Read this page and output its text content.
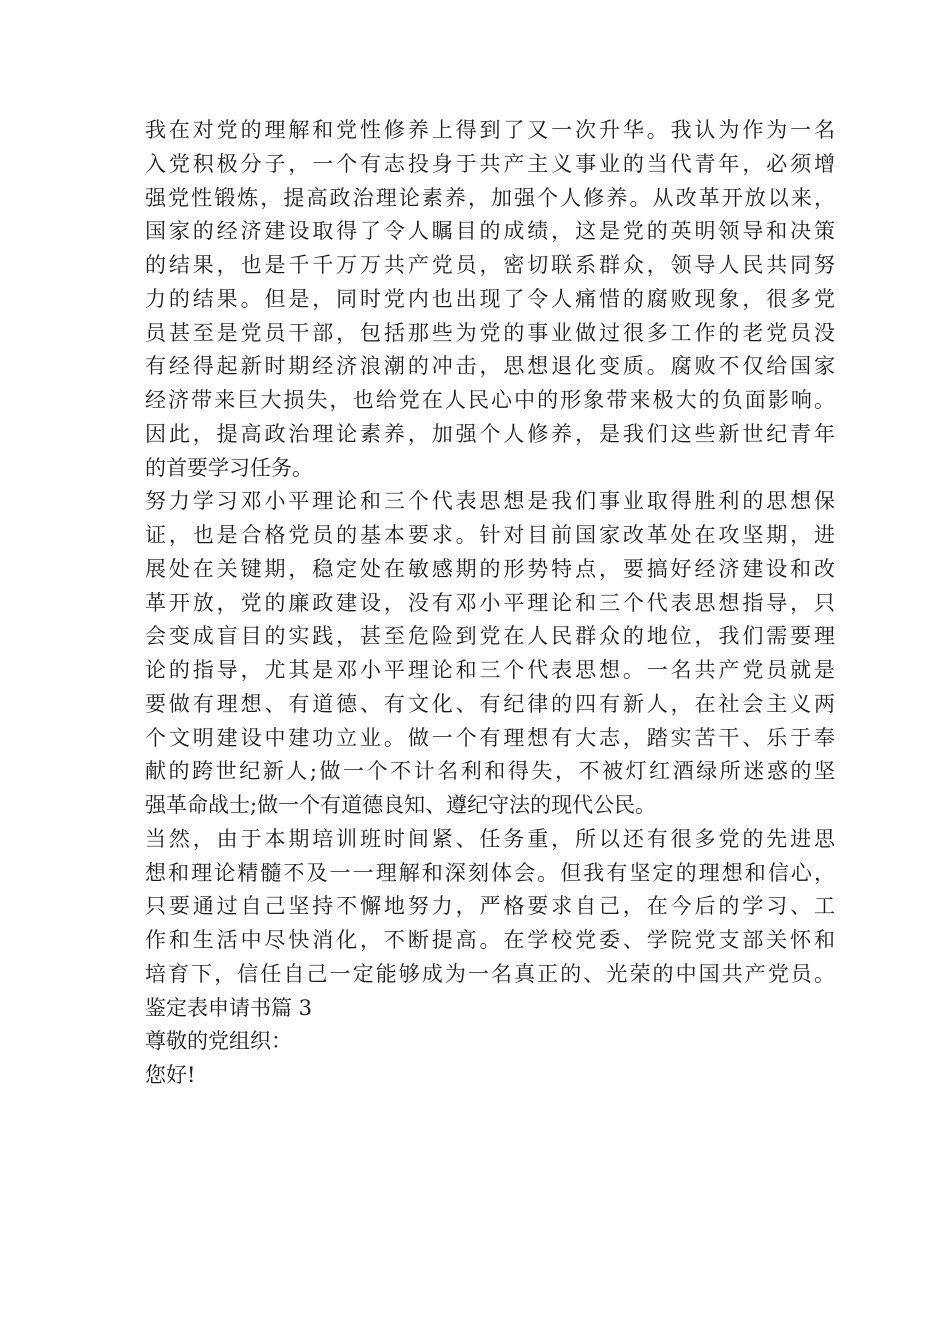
我在对党的理解和党性修养上得到了又一次升华。我认为作为一名
入党积极分子，一个有志投身于共产主义事业的当代青年，必须增
强党性锻炼，提高政治理论素养，加强个人修养。从改革开放以来，
国家的经济建设取得了令人瞩目的成绩，这是党的英明领导和决策
的结果，也是千千万万共产党员，密切联系群众，领导人民共同努
力的结果。但是，同时党内也出现了令人痛惜的腐败现象，很多党
员甚至是党员干部，包括那些为党的事业做过很多工作的老党员没
有经得起新时期经济浪潮的冲击，思想退化变质。腐败不仅给国家
经济带来巨大损失，也给党在人民心中的形象带来极大的负面影响。
因此，提高政治理论素养，加强个人修养，是我们这些新世纪青年
的首要学习任务。
努力学习邓小平理论和三个代表思想是我们事业取得胜利的思想保
证，也是合格党员的基本要求。针对目前国家改革处在攻坚期，进
展处在关键期，稳定处在敏感期的形势特点，要搞好经济建设和改
革开放，党的廉政建设，没有邓小平理论和三个代表思想指导，只
会变成盲目的实践，甚至危险到党在人民群众的地位，我们需要理
论的指导，尤其是邓小平理论和三个代表思想。一名共产党员就是
要做有理想、有道德、有文化、有纪律的四有新人，在社会主义两
个文明建设中建功立业。做一个有理想有大志，踏实苦干、乐于奉
献的跨世纪新人;做一个不计名利和得失，不被灯红酒绿所迷惑的坚
强革命战士;做一个有道德良知、遵纪守法的现代公民。
当然，由于本期培训班时间紧、任务重，所以还有很多党的先进思
想和理论精髓不及一一理解和深刻体会。但我有坚定的理想和信心，
只要通过自己坚持不懈地努力，严格要求自己，在今后的学习、工
作和生活中尽快消化，不断提高。在学校党委、学院党支部关怀和
培育下，信任自己一定能够成为一名真正的、光荣的中国共产党员。
鉴定表申请书篇 3
尊敬的党组织：
您好!
